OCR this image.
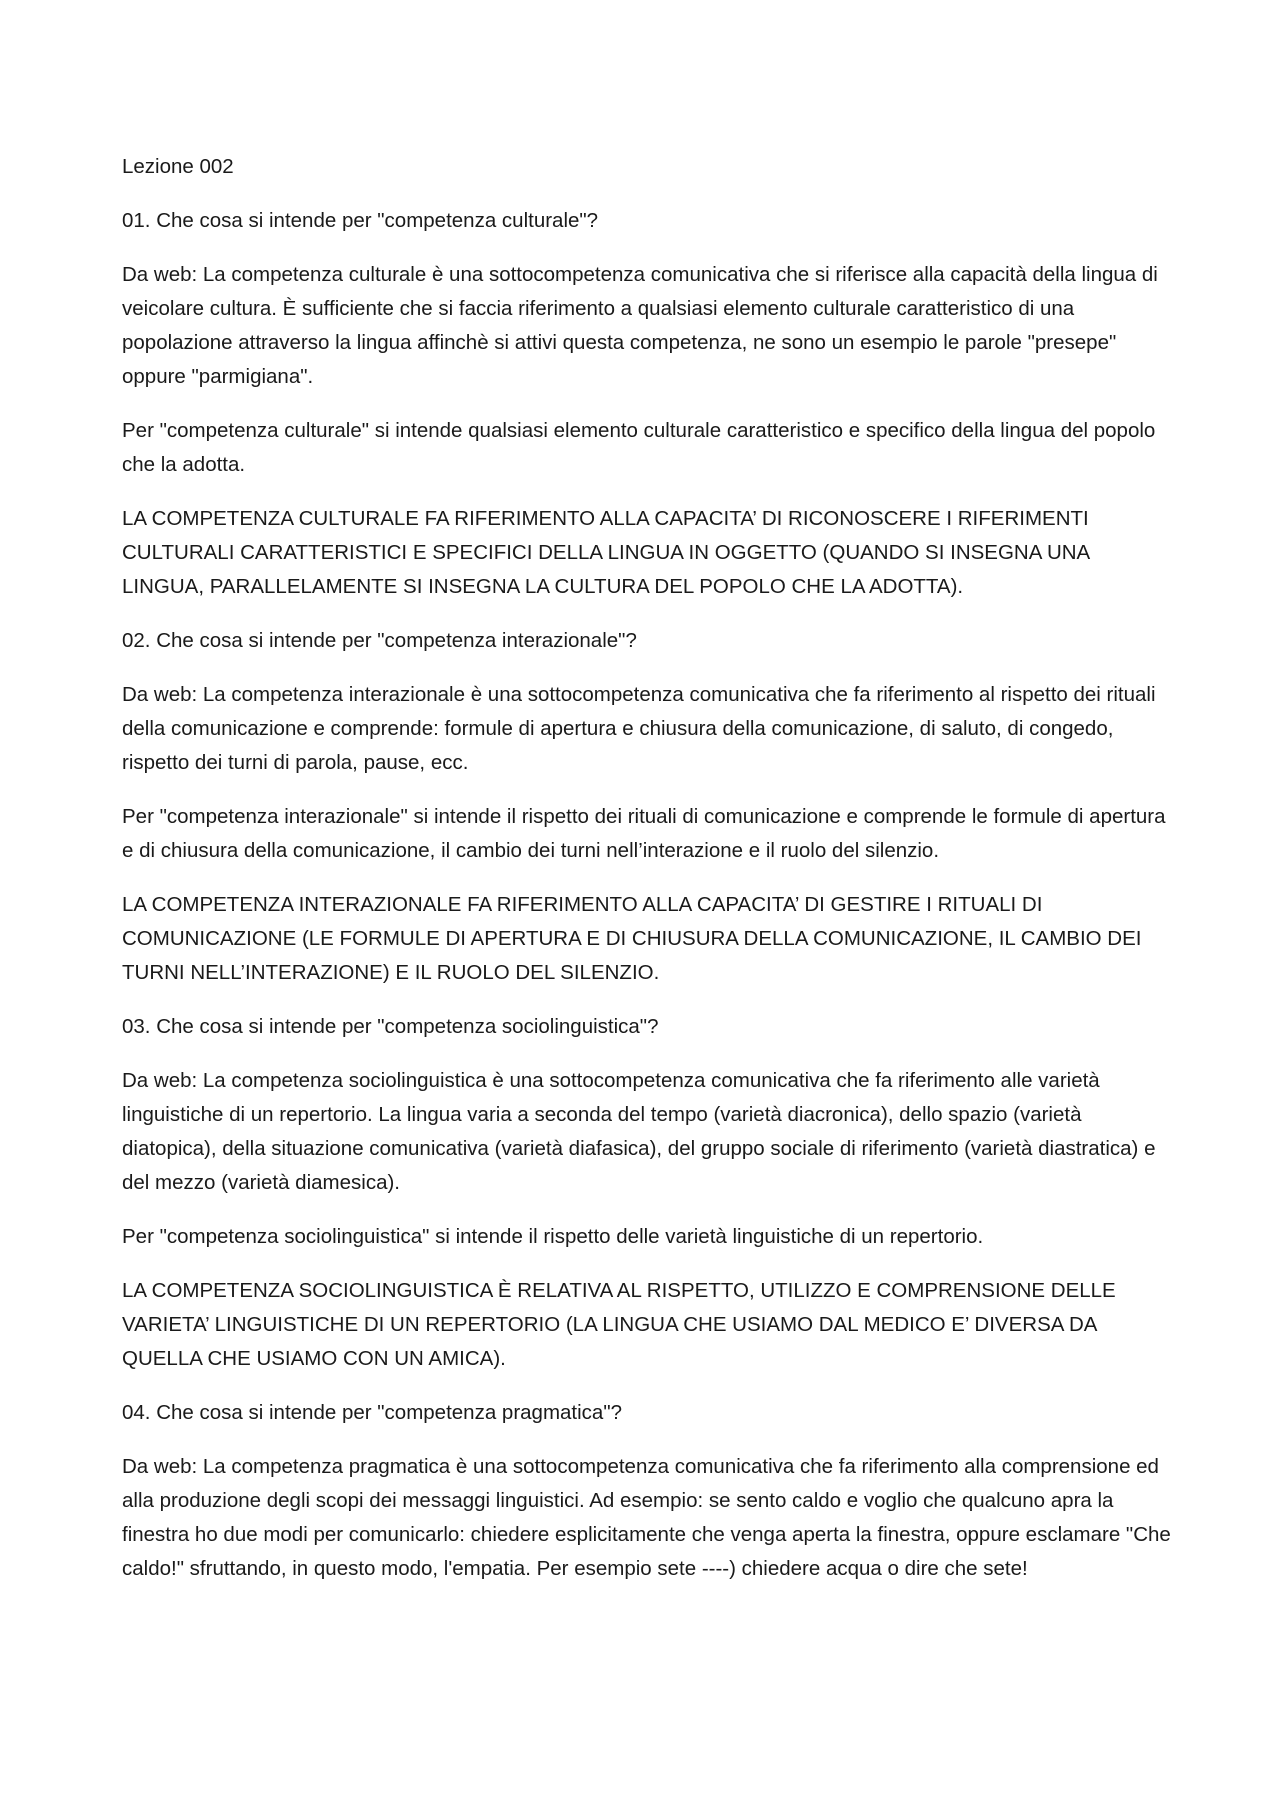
Lezione 002

01. Che cosa si intende per "competenza culturale"?

Da web: La competenza culturale è una sottocompetenza comunicativa che si riferisce alla capacità della lingua di veicolare cultura. È sufficiente che si faccia riferimento a qualsiasi elemento culturale caratteristico di una popolazione attraverso la lingua affinchè si attivi questa competenza, ne sono un esempio le parole "presepe" oppure "parmigiana".

Per "competenza culturale" si intende qualsiasi elemento culturale caratteristico e specifico della lingua del popolo che la adotta.

LA COMPETENZA CULTURALE FA RIFERIMENTO ALLA CAPACITA’ DI RICONOSCERE I RIFERIMENTI CULTURALI CARATTERISTICI E SPECIFICI DELLA LINGUA IN OGGETTO (QUANDO SI INSEGNA UNA LINGUA, PARALLELAMENTE SI INSEGNA LA CULTURA DEL POPOLO CHE LA ADOTTA).

02. Che cosa si intende per "competenza interazionale"?

Da web: La competenza interazionale è una sottocompetenza comunicativa che fa riferimento al rispetto dei rituali della comunicazione e comprende: formule di apertura e chiusura della comunicazione, di saluto, di congedo, rispetto dei turni di parola, pause, ecc.

Per "competenza interazionale" si intende il rispetto dei rituali di comunicazione e comprende le formule di apertura e di chiusura della comunicazione, il cambio dei turni nell’interazione e il ruolo del silenzio.

LA COMPETENZA INTERAZIONALE FA RIFERIMENTO ALLA CAPACITA’ DI GESTIRE I RITUALI DI COMUNICAZIONE (LE FORMULE DI APERTURA E DI CHIUSURA DELLA COMUNICAZIONE, IL CAMBIO DEI TURNI NELL’INTERAZIONE) E IL RUOLO DEL SILENZIO.

03. Che cosa si intende per "competenza sociolinguistica"?

Da web: La competenza sociolinguistica è una sottocompetenza comunicativa che fa riferimento alle varietà linguistiche di un repertorio. La lingua varia a seconda del tempo (varietà diacronica), dello spazio (varietà diatopica), della situazione comunicativa (varietà diafasica), del gruppo sociale di riferimento (varietà diastratica) e del mezzo (varietà diamesica).

Per "competenza sociolinguistica" si intende il rispetto delle varietà linguistiche di un repertorio.

LA COMPETENZA SOCIOLINGUISTICA È RELATIVA AL RISPETTO, UTILIZZO E COMPRENSIONE DELLE VARIETA’ LINGUISTICHE DI UN REPERTORIO (LA LINGUA CHE USIAMO DAL MEDICO E’ DIVERSA DA QUELLA CHE USIAMO CON UN AMICA).

04. Che cosa si intende per "competenza pragmatica"?

Da web: La competenza pragmatica è una sottocompetenza comunicativa che fa riferimento alla comprensione ed alla produzione degli scopi dei messaggi linguistici. Ad esempio: se sento caldo e voglio che qualcuno apra la finestra ho due modi per comunicarlo: chiedere esplicitamente che venga aperta la finestra, oppure esclamare "Che caldo!" sfruttando, in questo modo, l'empatia. Per esempio sete ----) chiedere acqua o dire che sete!
